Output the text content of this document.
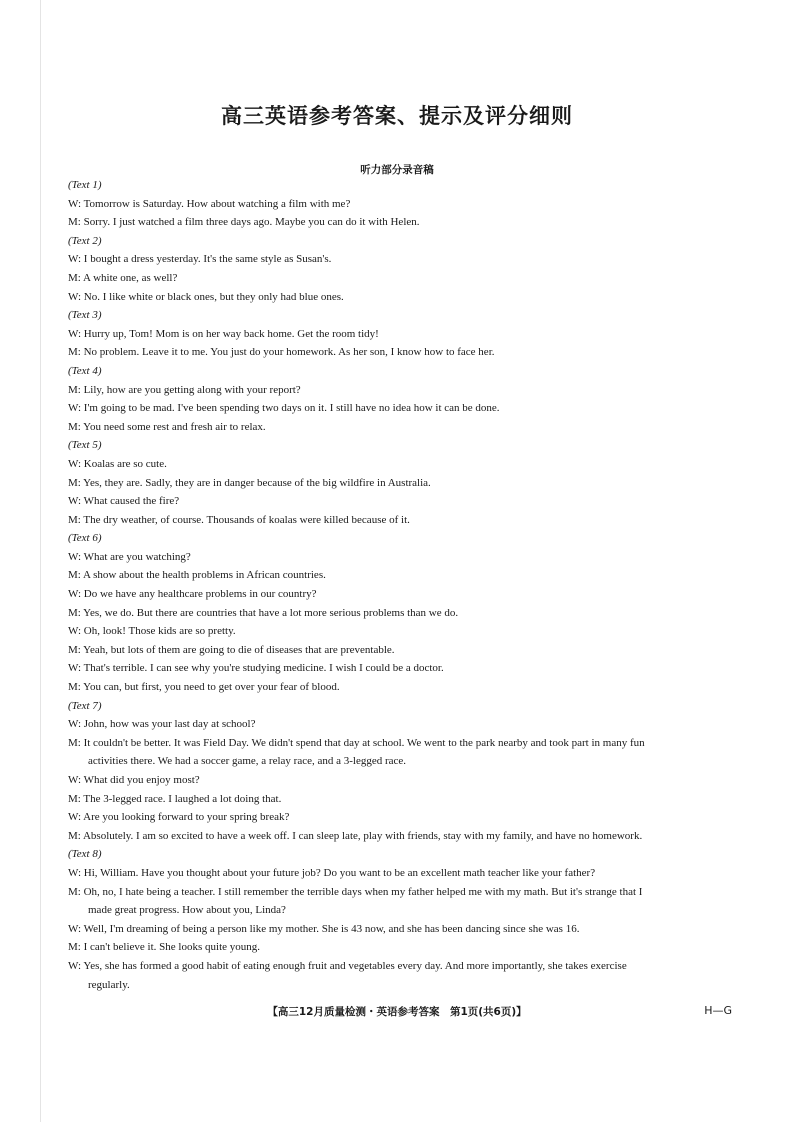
高三英语参考答案、提示及评分细则
听力部分录音稿
(Text 1)
W: Tomorrow is Saturday. How about watching a film with me?
M: Sorry. I just watched a film three days ago. Maybe you can do it with Helen.
(Text 2)
W: I bought a dress yesterday. It's the same style as Susan's.
M: A white one, as well?
W: No. I like white or black ones, but they only had blue ones.
(Text 3)
W: Hurry up, Tom! Mom is on her way back home. Get the room tidy!
M: No problem. Leave it to me. You just do your homework. As her son, I know how to face her.
(Text 4)
M: Lily, how are you getting along with your report?
W: I'm going to be mad. I've been spending two days on it. I still have no idea how it can be done.
M: You need some rest and fresh air to relax.
(Text 5)
W: Koalas are so cute.
M: Yes, they are. Sadly, they are in danger because of the big wildfire in Australia.
W: What caused the fire?
M: The dry weather, of course. Thousands of koalas were killed because of it.
(Text 6)
W: What are you watching?
M: A show about the health problems in African countries.
W: Do we have any healthcare problems in our country?
M: Yes, we do. But there are countries that have a lot more serious problems than we do.
W: Oh, look! Those kids are so pretty.
M: Yeah, but lots of them are going to die of diseases that are preventable.
W: That's terrible. I can see why you're studying medicine. I wish I could be a doctor.
M: You can, but first, you need to get over your fear of blood.
(Text 7)
W: John, how was your last day at school?
M: It couldn't be better. It was Field Day. We didn't spend that day at school. We went to the park nearby and took part in many fun
activities there. We had a soccer game, a relay race, and a 3-legged race.
W: What did you enjoy most?
M: The 3-legged race. I laughed a lot doing that.
W: Are you looking forward to your spring break?
M: Absolutely. I am so excited to have a week off. I can sleep late, play with friends, stay with my family, and have no homework.
(Text 8)
W: Hi, William. Have you thought about your future job? Do you want to be an excellent math teacher like your father?
M: Oh, no, I hate being a teacher. I still remember the terrible days when my father helped me with my math. But it's strange that I
made great progress. How about you, Linda?
W: Well, I'm dreaming of being a person like my mother. She is 43 now, and she has been dancing since she was 16.
M: I can't believe it. She looks quite young.
W: Yes, she has formed a good habit of eating enough fruit and vegetables every day. And more importantly, she takes exercise
regularly.
【高三12月质量检测・英语参考答案　第1页(共6页)】	H—G
